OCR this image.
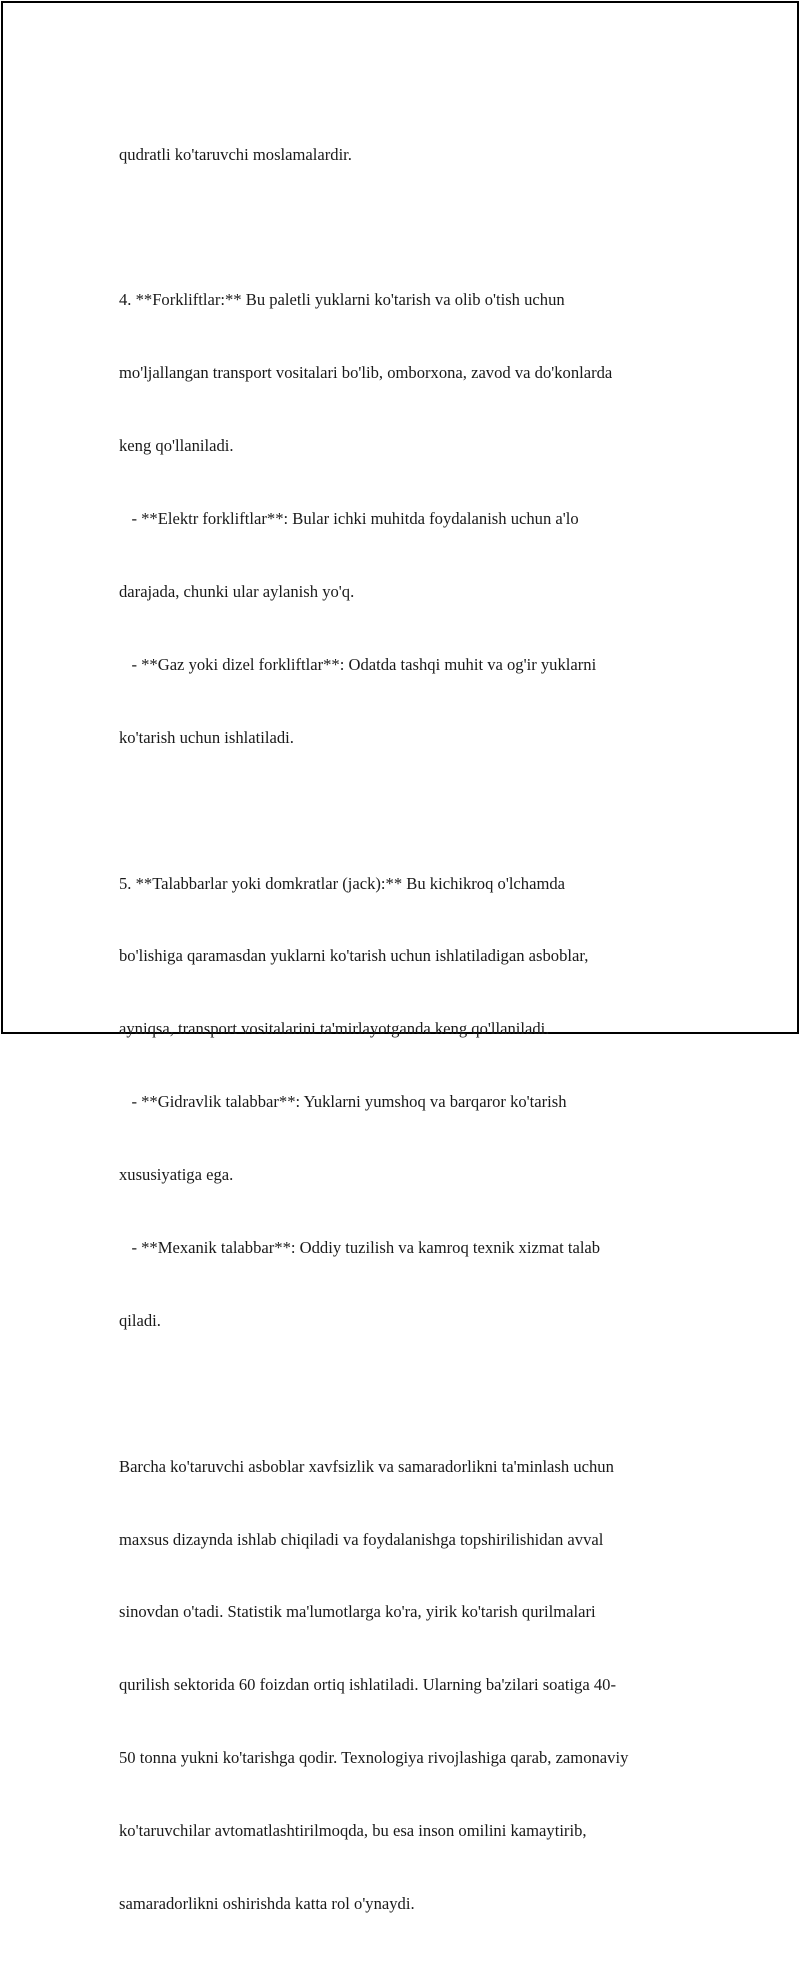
qudratli ko'taruvchi moslamalardir.

4. **Forkliftlar:** Bu paletli yuklarni ko'tarish va olib o'tish uchun

mo'ljallangan transport vositalari bo'lib, omborxona, zavod va do'konlarda

keng qo'llaniladi.

- **Elektr forkliftlar**: Bular ichki muhitda foydalanish uchun a'lo

darajada, chunki ular aylanish yo'q.

- **Gaz yoki dizel forkliftlar**: Odatda tashqi muhit va og'ir yuklarni

ko'tarish uchun ishlatiladi.

5. **Talabbarlar yoki domkratlar (jack):** Bu kichikroq o'lchamda

bo'lishiga qaramasdan yuklarni ko'tarish uchun ishlatiladigan asboblar,

ayniqsa, transport vositalarini ta'mirlayotganda keng qo'llaniladi.

- **Gidravlik talabbar**: Yuklarni yumshoq va barqaror ko'tarish

xususiyatiga ega.

- **Mexanik talabbar**: Oddiy tuzilish va kamroq texnik xizmat talab

qiladi.

Barcha ko'taruvchi asboblar xavfsizlik va samaradorlikni ta'minlash uchun

maxsus dizaynda ishlab chiqiladi va foydalanishga topshirilishidan avval

sinovdan o'tadi. Statistik ma'lumotlarga ko'ra, yirik ko'tarish qurilmalari

qurilish sektorida 60 foizdan ortiq ishlatiladi. Ularning ba'zilari soatiga 40-

50 tonna yukni ko'tarishga qodir. Texnologiya rivojlashiga qarab, zamonaviy

ko'taruvchilar avtomatlashtirilmoqda, bu esa inson omilini kamaytirib,

samaradorlikni oshirishda katta rol o'ynaydi.
